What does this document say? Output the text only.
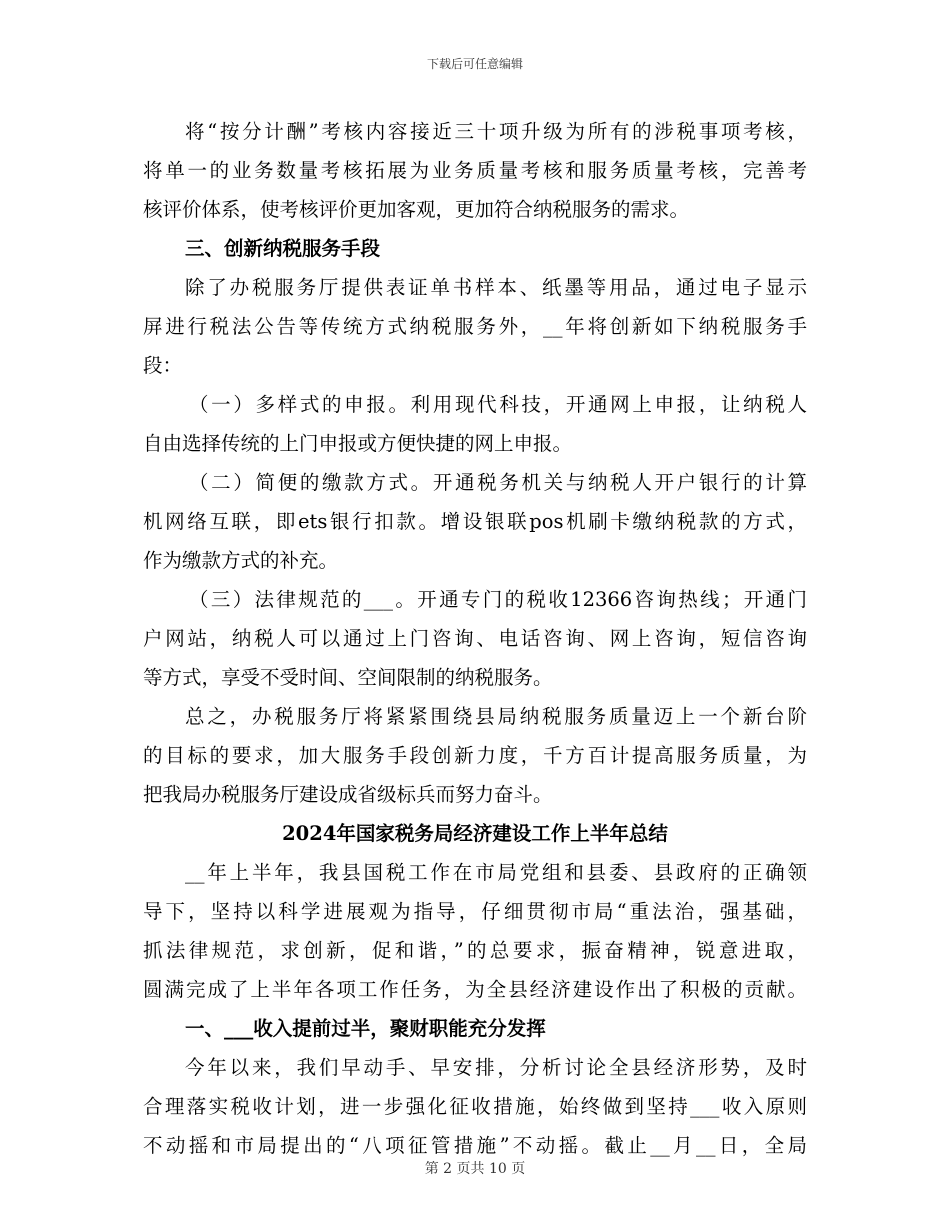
下载后可任意编辑
将“按分计酬”考核内容接近三十项升级为所有的涉税事项考核，
将单一的业务数量考核拓展为业务质量考核和服务质量考核，完善考
核评价体系，使考核评价更加客观，更加符合纳税服务的需求。
三、创新纳税服务手段
除了办税服务厅提供表证单书样本、纸墨等用品，通过电子显示
屏进行税法公告等传统方式纳税服务外，__年将创新如下纳税服务手
段：
（一）多样式的申报。利用现代科技，开通网上申报，让纳税人
自由选择传统的上门申报或方便快捷的网上申报。
（二）简便的缴款方式。开通税务机关与纳税人开户银行的计算
机网络互联，即ets银行扣款。增设银联pos机刷卡缴纳税款的方式，
作为缴款方式的补充。
（三）法律规范的___。开通专门的税收12366咨询热线；开通门
户网站，纳税人可以通过上门咨询、电话咨询、网上咨询，短信咨询
等方式，享受不受时间、空间限制的纳税服务。
总之，办税服务厅将紧紧围绕县局纳税服务质量迈上一个新台阶
的目标的要求，加大服务手段创新力度，千方百计提高服务质量，为
把我局办税服务厅建设成省级标兵而努力奋斗。
2024年国家税务局经济建设工作上半年总结
__年上半年，我县国税工作在市局党组和县委、县政府的正确领
导下，坚持以科学进展观为指导，仔细贯彻市局“重法治，强基础，
抓法律规范，求创新，促和谐，”的总要求，振奋精神，锐意进取，
圆满完成了上半年各项工作任务，为全县经济建设作出了积极的贡献。
一、___收入提前过半，聚财职能充分发挥
今年以来，我们早动手、早安排，分析讨论全县经济形势，及时
合理落实税收计划，进一步强化征收措施，始终做到坚持___收入原则
不动摇和市局提出的“八项征管措施”不动摇。截止__月__日，全局
第 2 页共 10 页
